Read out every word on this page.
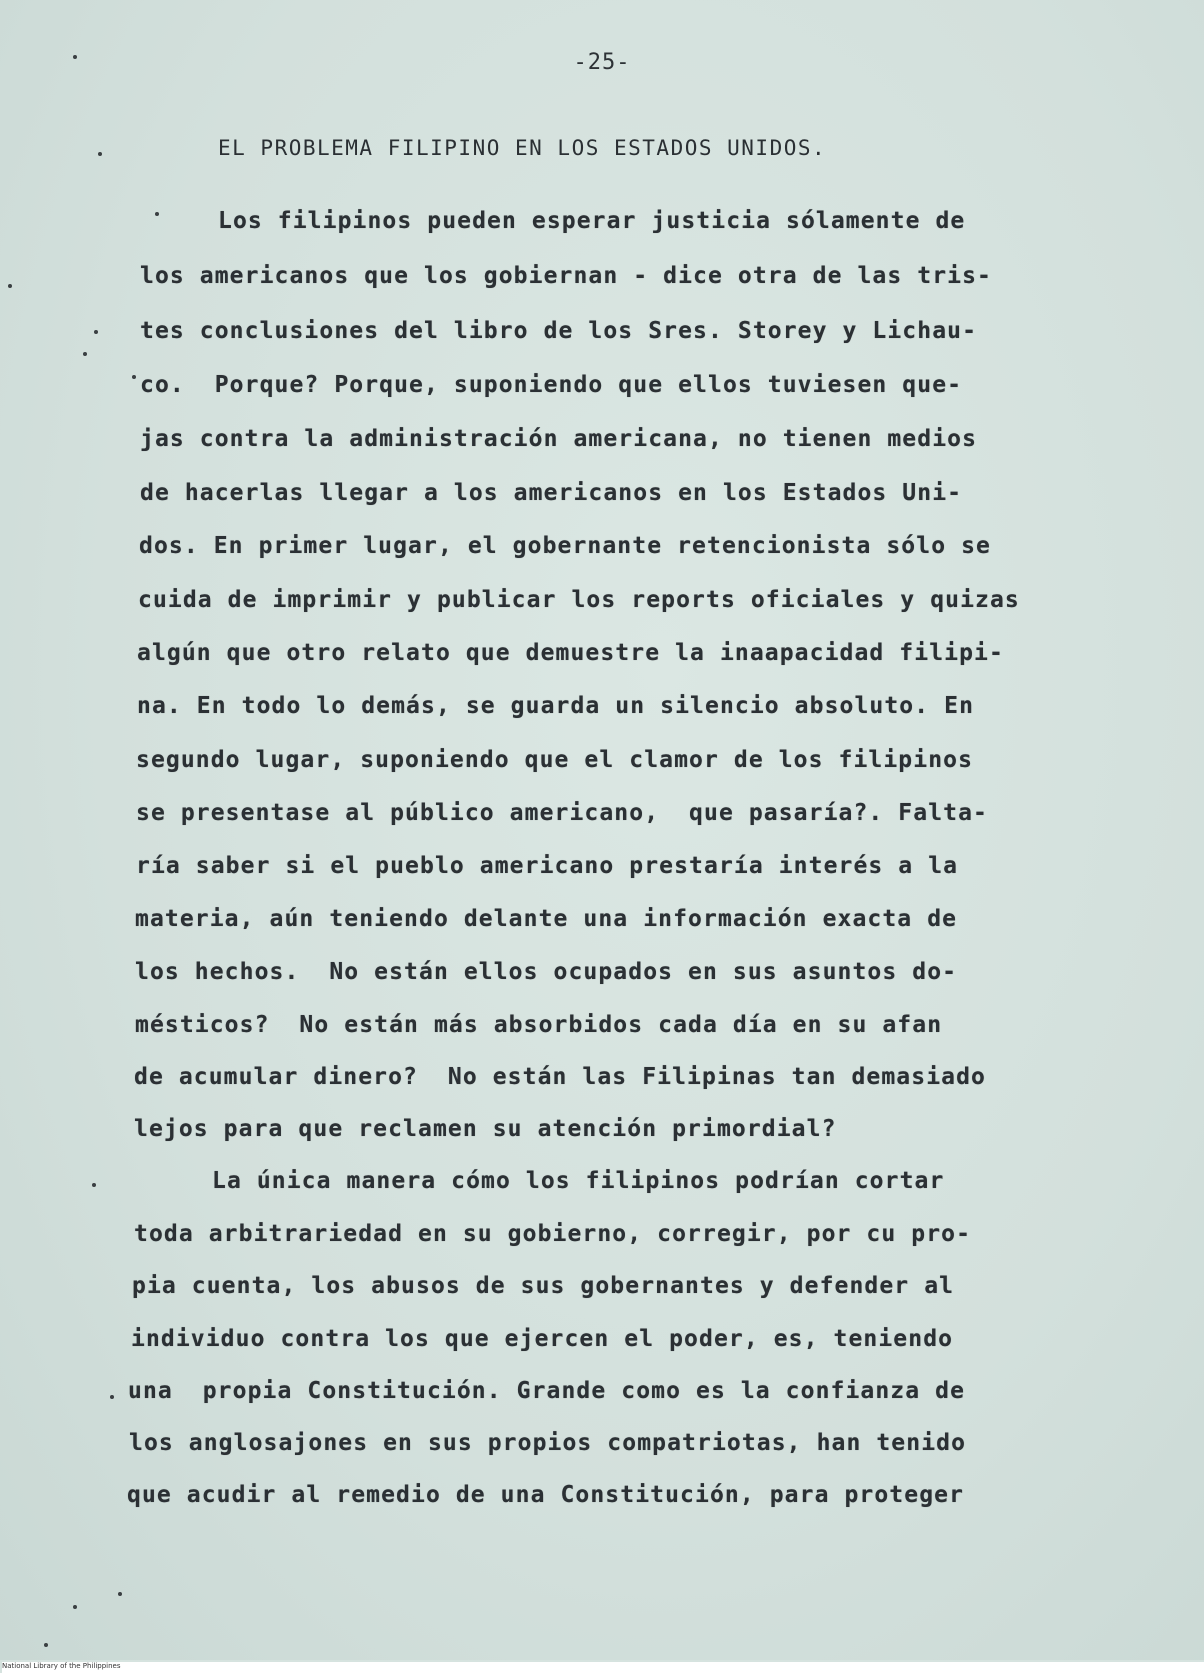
-25-
EL PROBLEMA FILIPINO EN LOS ESTADOS UNIDOS.
Los filipinos pueden esperar justicia sólamente de
los americanos que los gobiernan - dice otra de las tris-
tes conclusiones del libro de los Sres. Storey y Lichau-
co.  Porque? Porque, suponiendo que ellos tuviesen que-
jas contra la administración americana, no tienen medios
de hacerlas llegar a los americanos en los Estados Uni-
dos. En primer lugar, el gobernante retencionista sólo se
cuida de imprimir y publicar los reports oficiales y quizas
algún que otro relato que demuestre la inaapacidad filipi-
na. En todo lo demás, se guarda un silencio absoluto. En
segundo lugar, suponiendo que el clamor de los filipinos
se presentase al público americano,  que pasaría?. Falta-
ría saber si el pueblo americano prestaría interés a la
materia, aún teniendo delante una información exacta de
los hechos.  No están ellos ocupados en sus asuntos do-
mésticos?  No están más absorbidos cada día en su afan
de acumular dinero?  No están las Filipinas tan demasiado
lejos para que reclamen su atención primordial?
La única manera cómo los filipinos podrían cortar
toda arbitrariedad en su gobierno, corregir, por cu pro-
pia cuenta, los abusos de sus gobernantes y defender al
individuo contra los que ejercen el poder, es, teniendo
una  propia Constitución. Grande como es la confianza de
los anglosajones en sus propios compatriotas, han tenido
que acudir al remedio de una Constitución, para proteger
National Library of the Philippines
